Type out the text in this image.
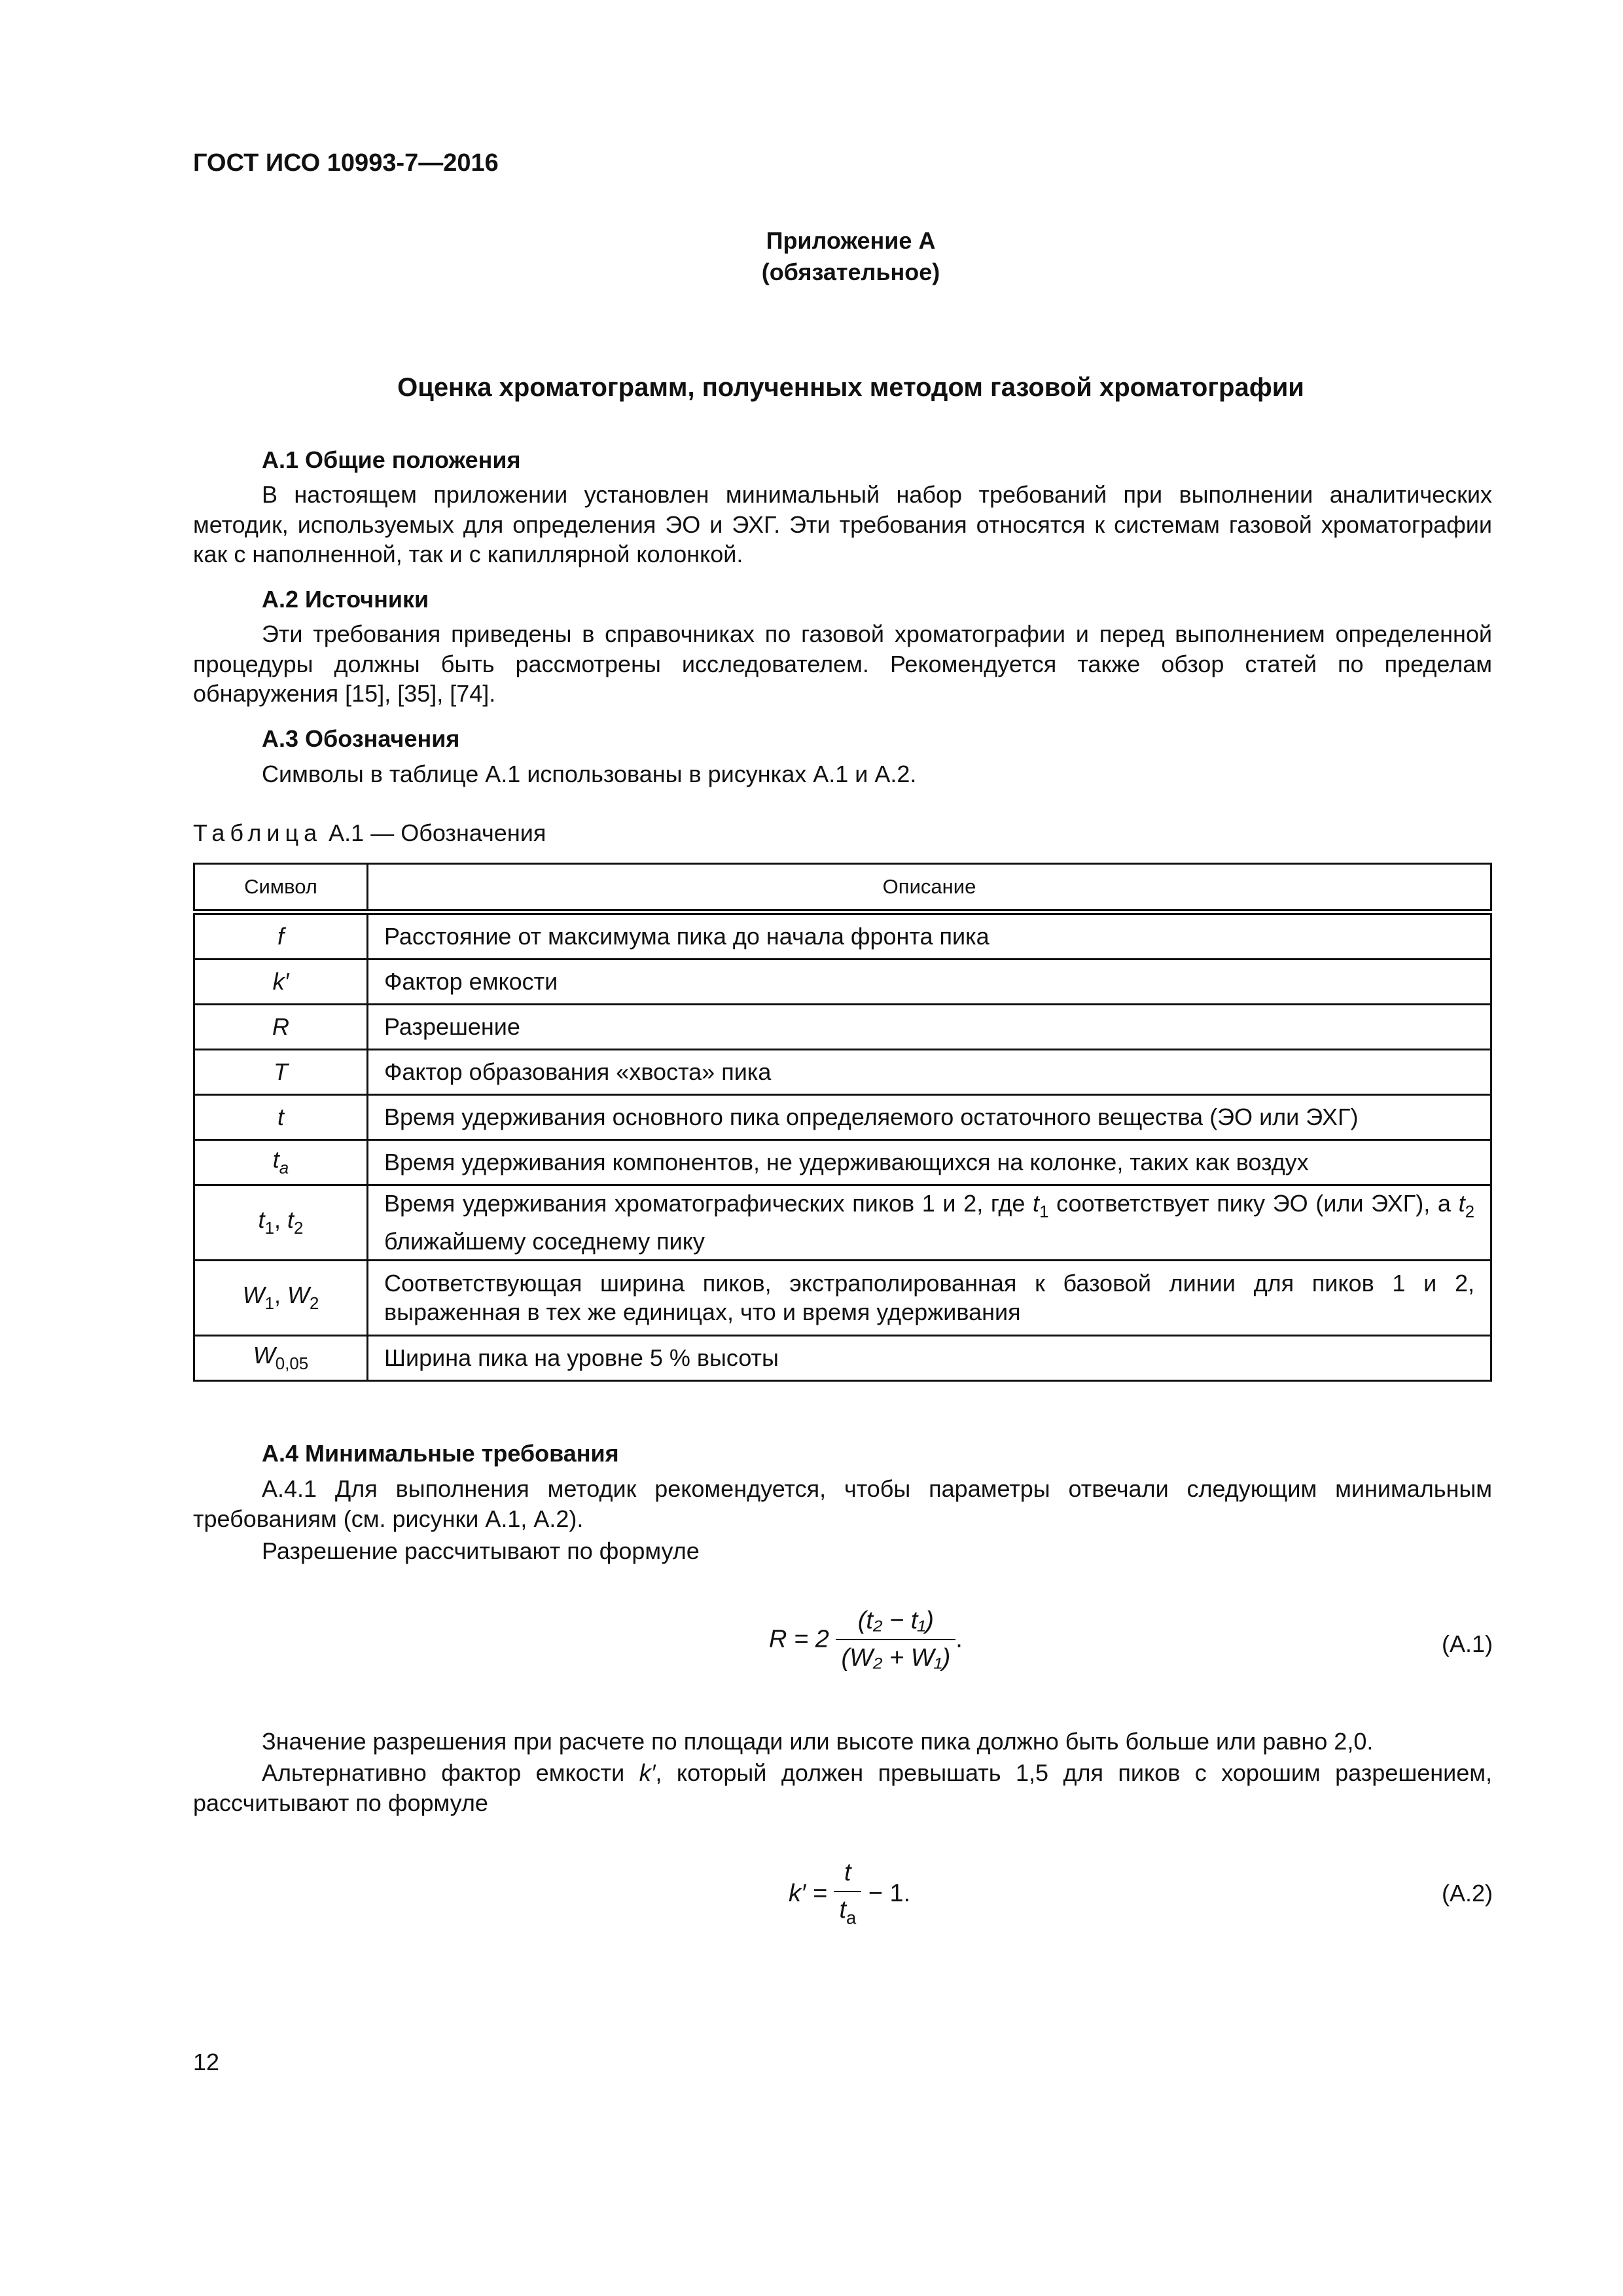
ГОСТ ИСО 10993-7—2016
Приложение А
(обязательное)
Оценка хроматограмм, полученных методом газовой хроматографии
А.1 Общие положения
В настоящем приложении установлен минимальный набор требований при выполнении аналитических методик, используемых для определения ЭО и ЭХГ. Эти требования относятся к системам газовой хроматографии как с наполненной, так и с капиллярной колонкой.
А.2 Источники
Эти требования приведены в справочниках по газовой хроматографии и перед выполнением определенной процедуры должны быть рассмотрены исследователем. Рекомендуется также обзор статей по пределам обнаружения [15], [35], [74].
А.3 Обозначения
Символы в таблице А.1 использованы в рисунках А.1 и А.2.
Таблица А.1 — Обозначения
Символ	Описание
f	Расстояние от максимума пика до начала фронта пика
k′	Фактор емкости
R	Разрешение
T	Фактор образования «хвоста» пика
t	Время удерживания основного пика определяемого остаточного вещества (ЭО или ЭХГ)
$t_a$	Время удерживания компонентов, не удерживающихся на колонке, таких как воздух
$t_1$, $t_2$	Время удерживания хроматографических пиков 1 и 2, где $t_1$ соответствует пику ЭО (или ЭХГ), а $t_2$ ближайшему соседнему пику
$W_1$, $W_2$	Соответствующая ширина пиков, экстраполированная к базовой линии для пиков 1 и 2, выраженная в тех же единицах, что и время удерживания
$W_{0,05}$	Ширина пика на уровне 5 % высоты
А.4 Минимальные требования
А.4.1 Для выполнения методик рекомендуется, чтобы параметры отвечали следующим минимальным требованиям (см. рисунки А.1, А.2).
Разрешение рассчитывают по формуле
$R = 2 \frac{\text{(t₂ − t₁)}}{\text{(W₂ + W₁)}}$ .	(А.1)
Значение разрешения при расчете по площади или высоте пика должно быть больше или равно 2,0.
Альтернативно фактор емкости k′, который должен превышать 1,5 для пиков с хорошим разрешением, рассчитывают по формуле
$k' = \frac{t}{t_a} - 1$.	(А.2)
12
